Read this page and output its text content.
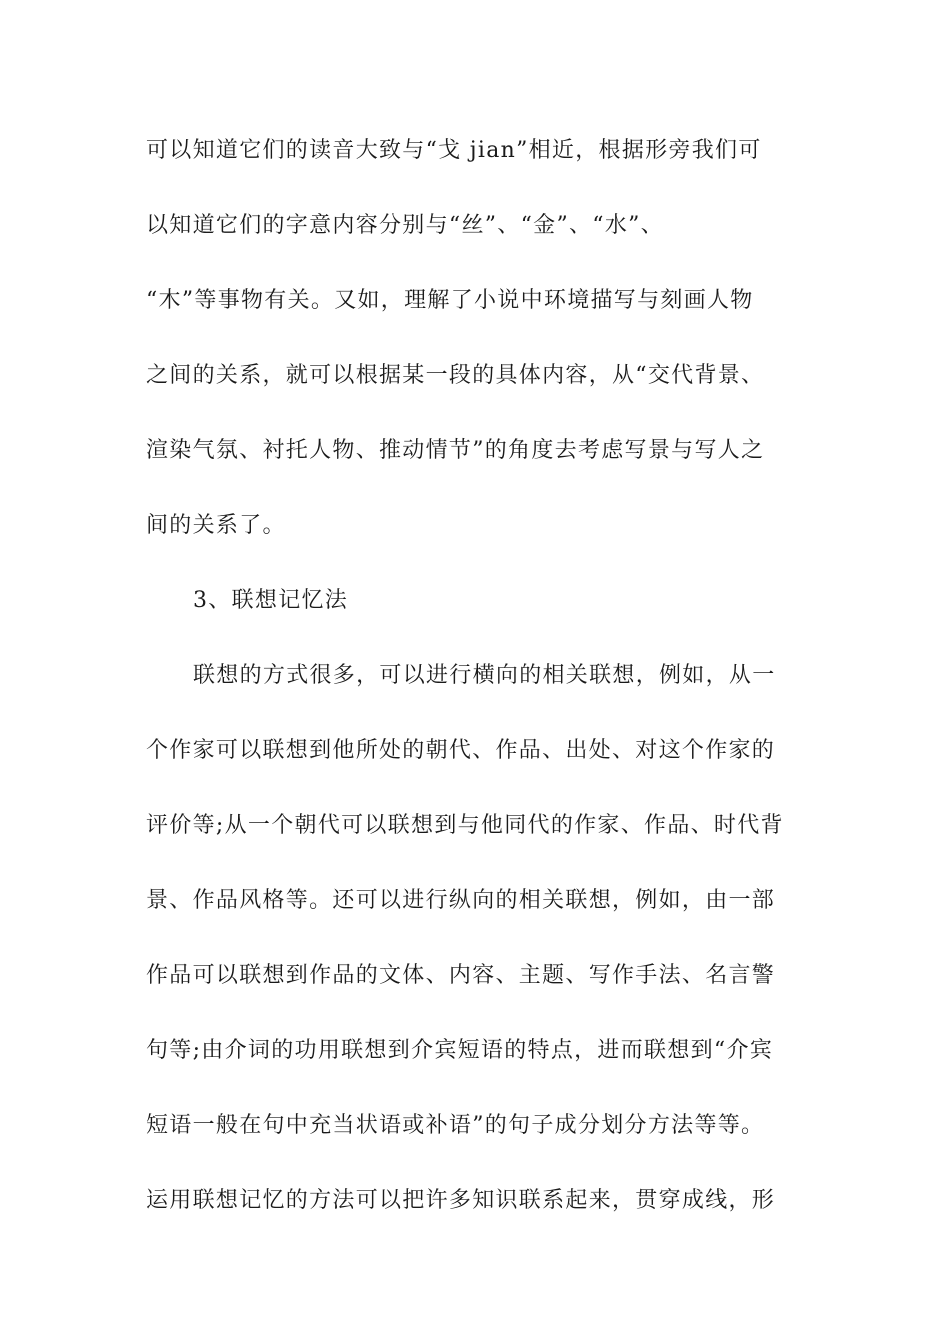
可以知道它们的读音大致与“戈 jian”相近，根据形旁我们可
以知道它们的字意内容分别与“丝”、“金”、“水”、
“木”等事物有关。又如，理解了小说中环境描写与刻画人物
之间的关系，就可以根据某一段的具体内容，从“交代背景、
渲染气氛、衬托人物、推动情节”的角度去考虑写景与写人之
间的关系了。
3、联想记忆法
联想的方式很多，可以进行横向的相关联想，例如，从一
个作家可以联想到他所处的朝代、作品、出处、对这个作家的
评价等;从一个朝代可以联想到与他同代的作家、作品、时代背
景、作品风格等。还可以进行纵向的相关联想，例如，由一部
作品可以联想到作品的文体、内容、主题、写作手法、名言警
句等;由介词的功用联想到介宾短语的特点，进而联想到“介宾
短语一般在句中充当状语或补语”的句子成分划分方法等等。
运用联想记忆的方法可以把许多知识联系起来，贯穿成线，形
